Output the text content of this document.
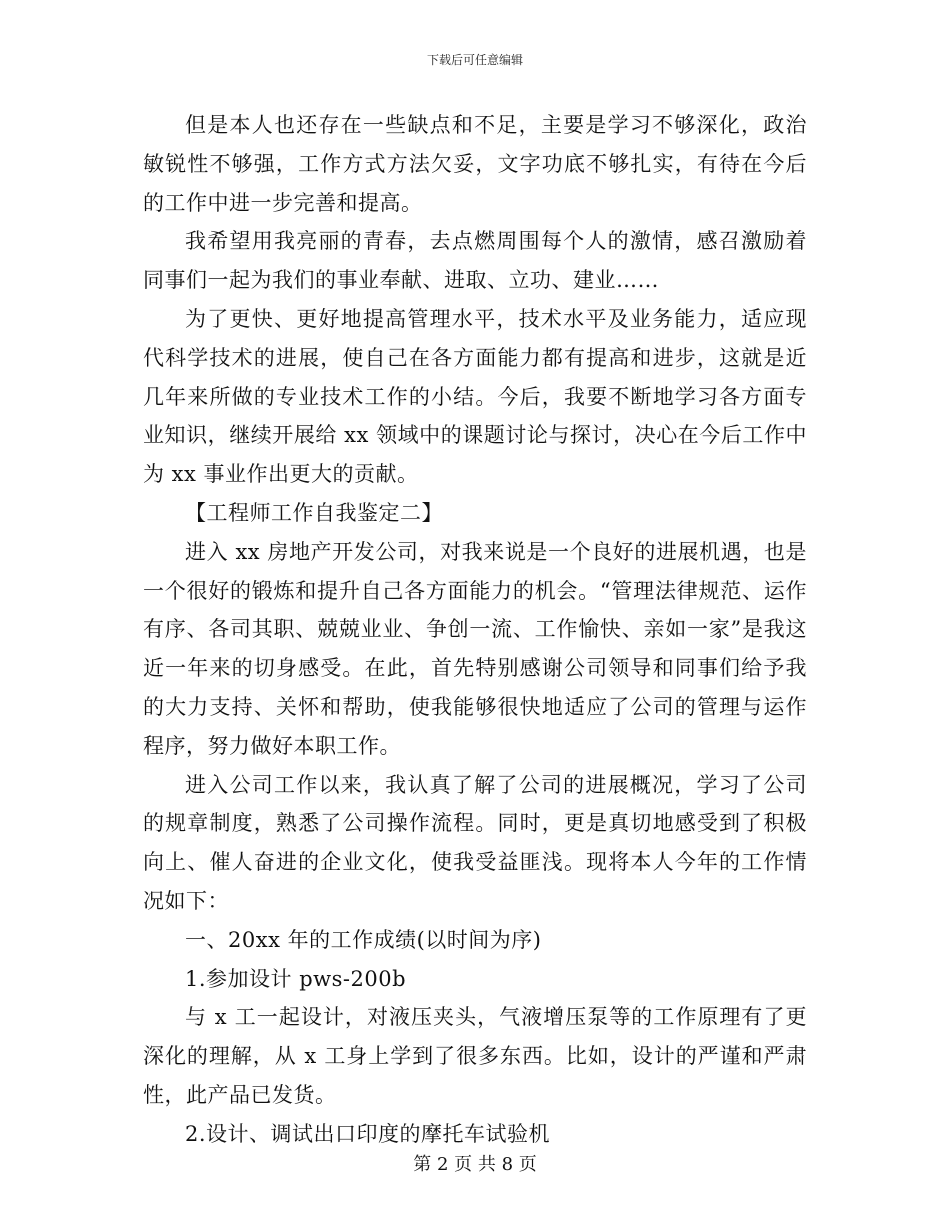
下载后可任意编辑

但是本人也还存在一些缺点和不足，主要是学习不够深化，政治敏锐性不够强，工作方式方法欠妥，文字功底不够扎实，有待在今后的工作中进一步完善和提高。

我希望用我亮丽的青春，去点燃周围每个人的激情，感召激励着同事们一起为我们的事业奉献、进取、立功、建业……

为了更快、更好地提高管理水平，技术水平及业务能力，适应现代科学技术的进展，使自己在各方面能力都有提高和进步，这就是近几年来所做的专业技术工作的小结。今后，我要不断地学习各方面专业知识，继续开展给 xx 领域中的课题讨论与探讨，决心在今后工作中为 xx 事业作出更大的贡献。

【工程师工作自我鉴定二】

进入 xx 房地产开发公司，对我来说是一个良好的进展机遇，也是一个很好的锻炼和提升自己各方面能力的机会。“管理法律规范、运作有序、各司其职、兢兢业业、争创一流、工作愉快、亲如一家”是我这近一年来的切身感受。在此，首先特别感谢公司领导和同事们给予我的大力支持、关怀和帮助，使我能够很快地适应了公司的管理与运作程序，努力做好本职工作。

进入公司工作以来，我认真了解了公司的进展概况，学习了公司的规章制度，熟悉了公司操作流程。同时，更是真切地感受到了积极向上、催人奋进的企业文化，使我受益匪浅。现将本人今年的工作情况如下：

一、20xx 年的工作成绩(以时间为序)

1.参加设计 pws-200b

与 x 工一起设计，对液压夹头，气液增压泵等的工作原理有了更深化的理解，从 x 工身上学到了很多东西。比如，设计的严谨和严肃性，此产品已发货。

2.设计、调试出口印度的摩托车试验机

第 2 页 共 8 页
